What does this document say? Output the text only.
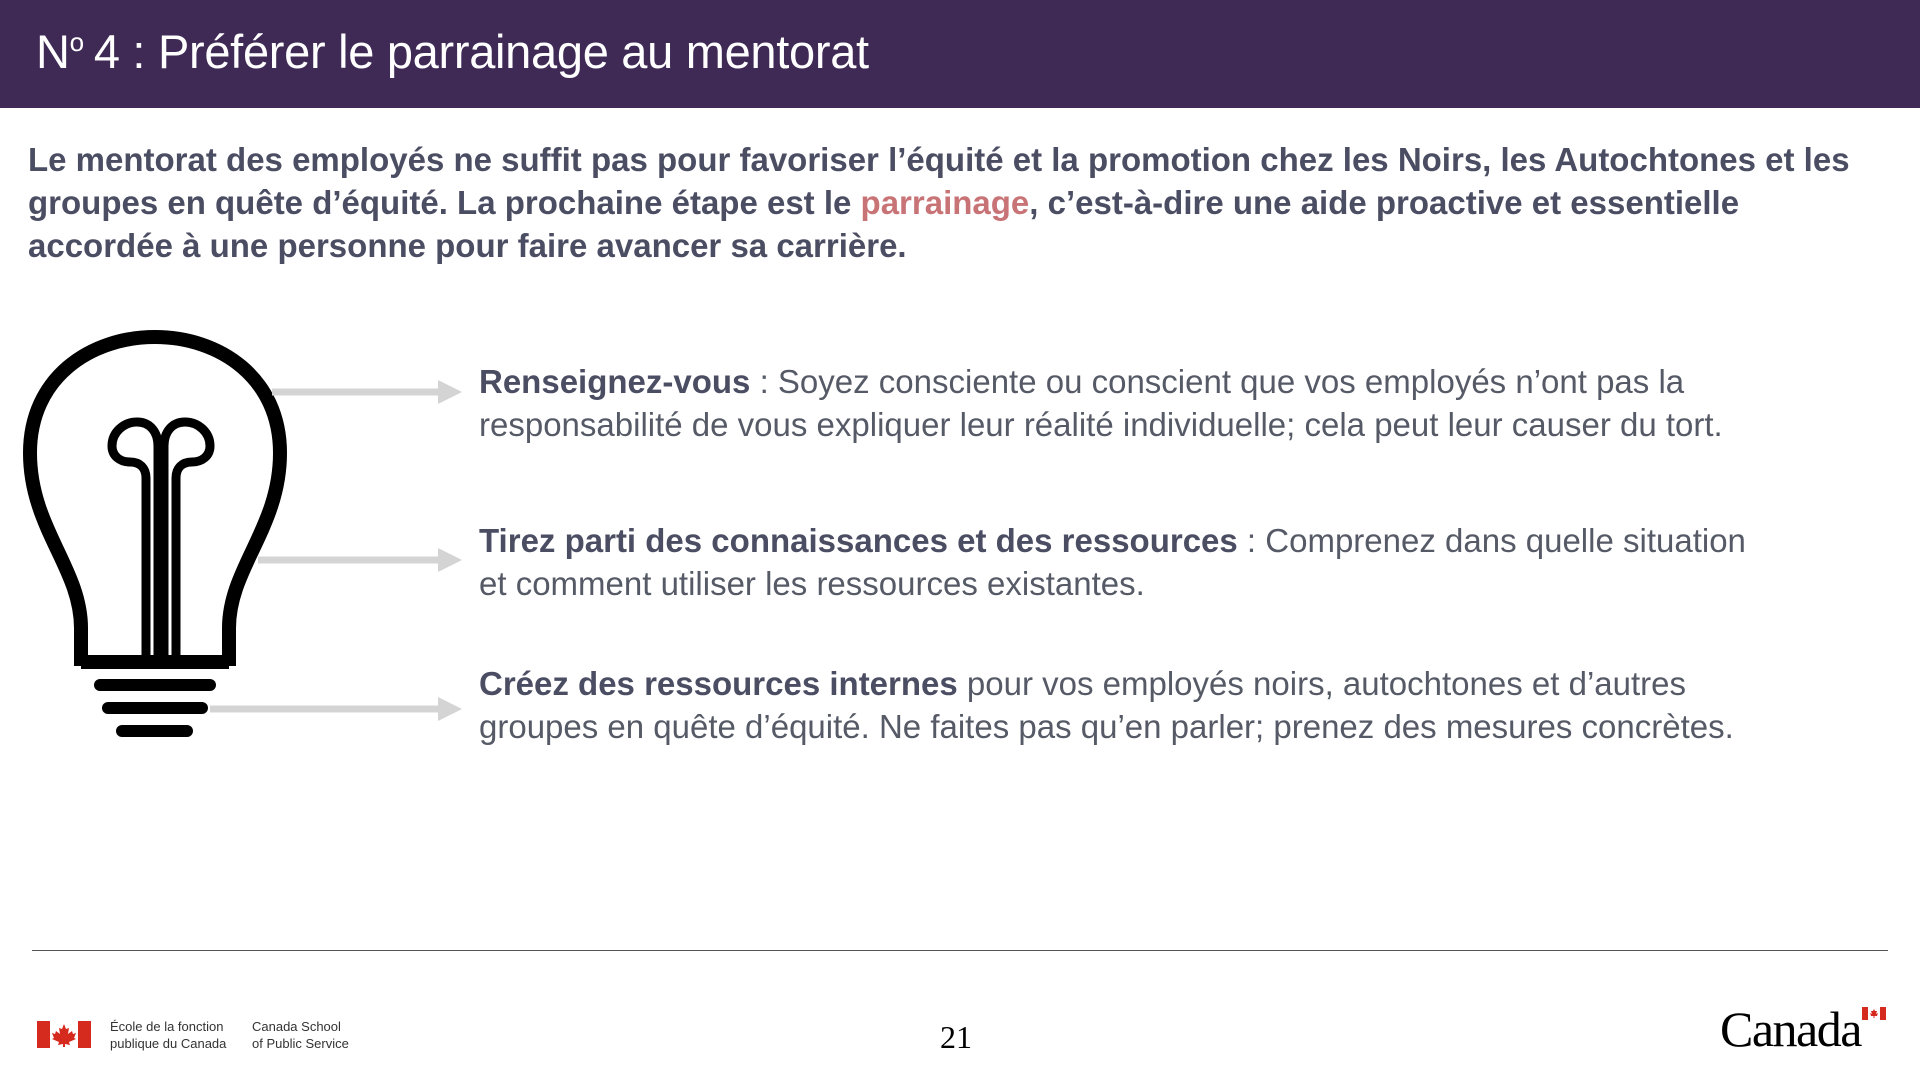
$N^o$ 4 : Préférer le parrainage au mentorat
Le mentorat des employés ne suffit pas pour favoriser l’équité et la promotion chez les Noirs, les Autochtones et les groupes en quête d’équité. La prochaine étape est le parrainage, c’est-à-dire une aide proactive et essentielle accordée à une personne pour faire avancer sa carrière.
Renseignez-vous : Soyez consciente ou conscient que vos employés n’ont pas la responsabilité de vous expliquer leur réalité individuelle; cela peut leur causer du tort.
Tirez parti des connaissances et des ressources : Comprenez dans quelle situation et comment utiliser les ressources existantes.
Créez des ressources internes pour vos employés noirs, autochtones et d’autres groupes en quête d’équité. Ne faites pas qu’en parler; prenez des mesures concrètes.
École de la fonction
publique du Canada
Canada School
of Public Service	21	Canada
